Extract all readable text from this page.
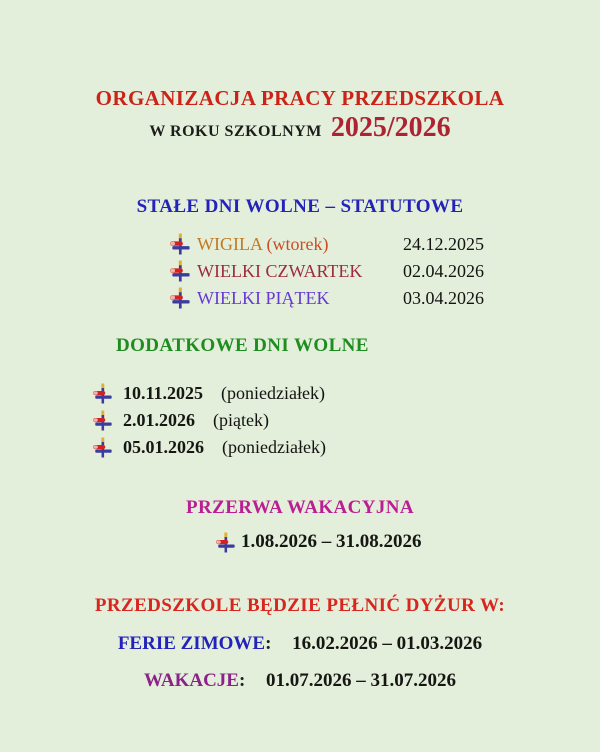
ORGANIZACJA PRACY PRZEDSZKOLA
W ROKU SZKOLNYM 2025/2026
STAŁE DNI WOLNE – STATUTOWE
WIGILA (wtorek)	24.12.2025
WIELKI CZWARTEK 02.04.2026
WIELKI PIĄTEK	03.04.2026
DODATKOWE DNI WOLNE
10.11.2025 (poniedziałek)
2.01.2026 (piątek)
05.01.2026 (poniedziałek)
PRZERWA WAKACYJNA
1.08.2026 – 31.08.2026
PRZEDSZKOLE BĘDZIE PEŁNIĆ DYŻUR W:
FERIE ZIMOWE: 16.02.2026 – 01.03.2026
WAKACJE: 01.07.2026 – 31.07.2026
